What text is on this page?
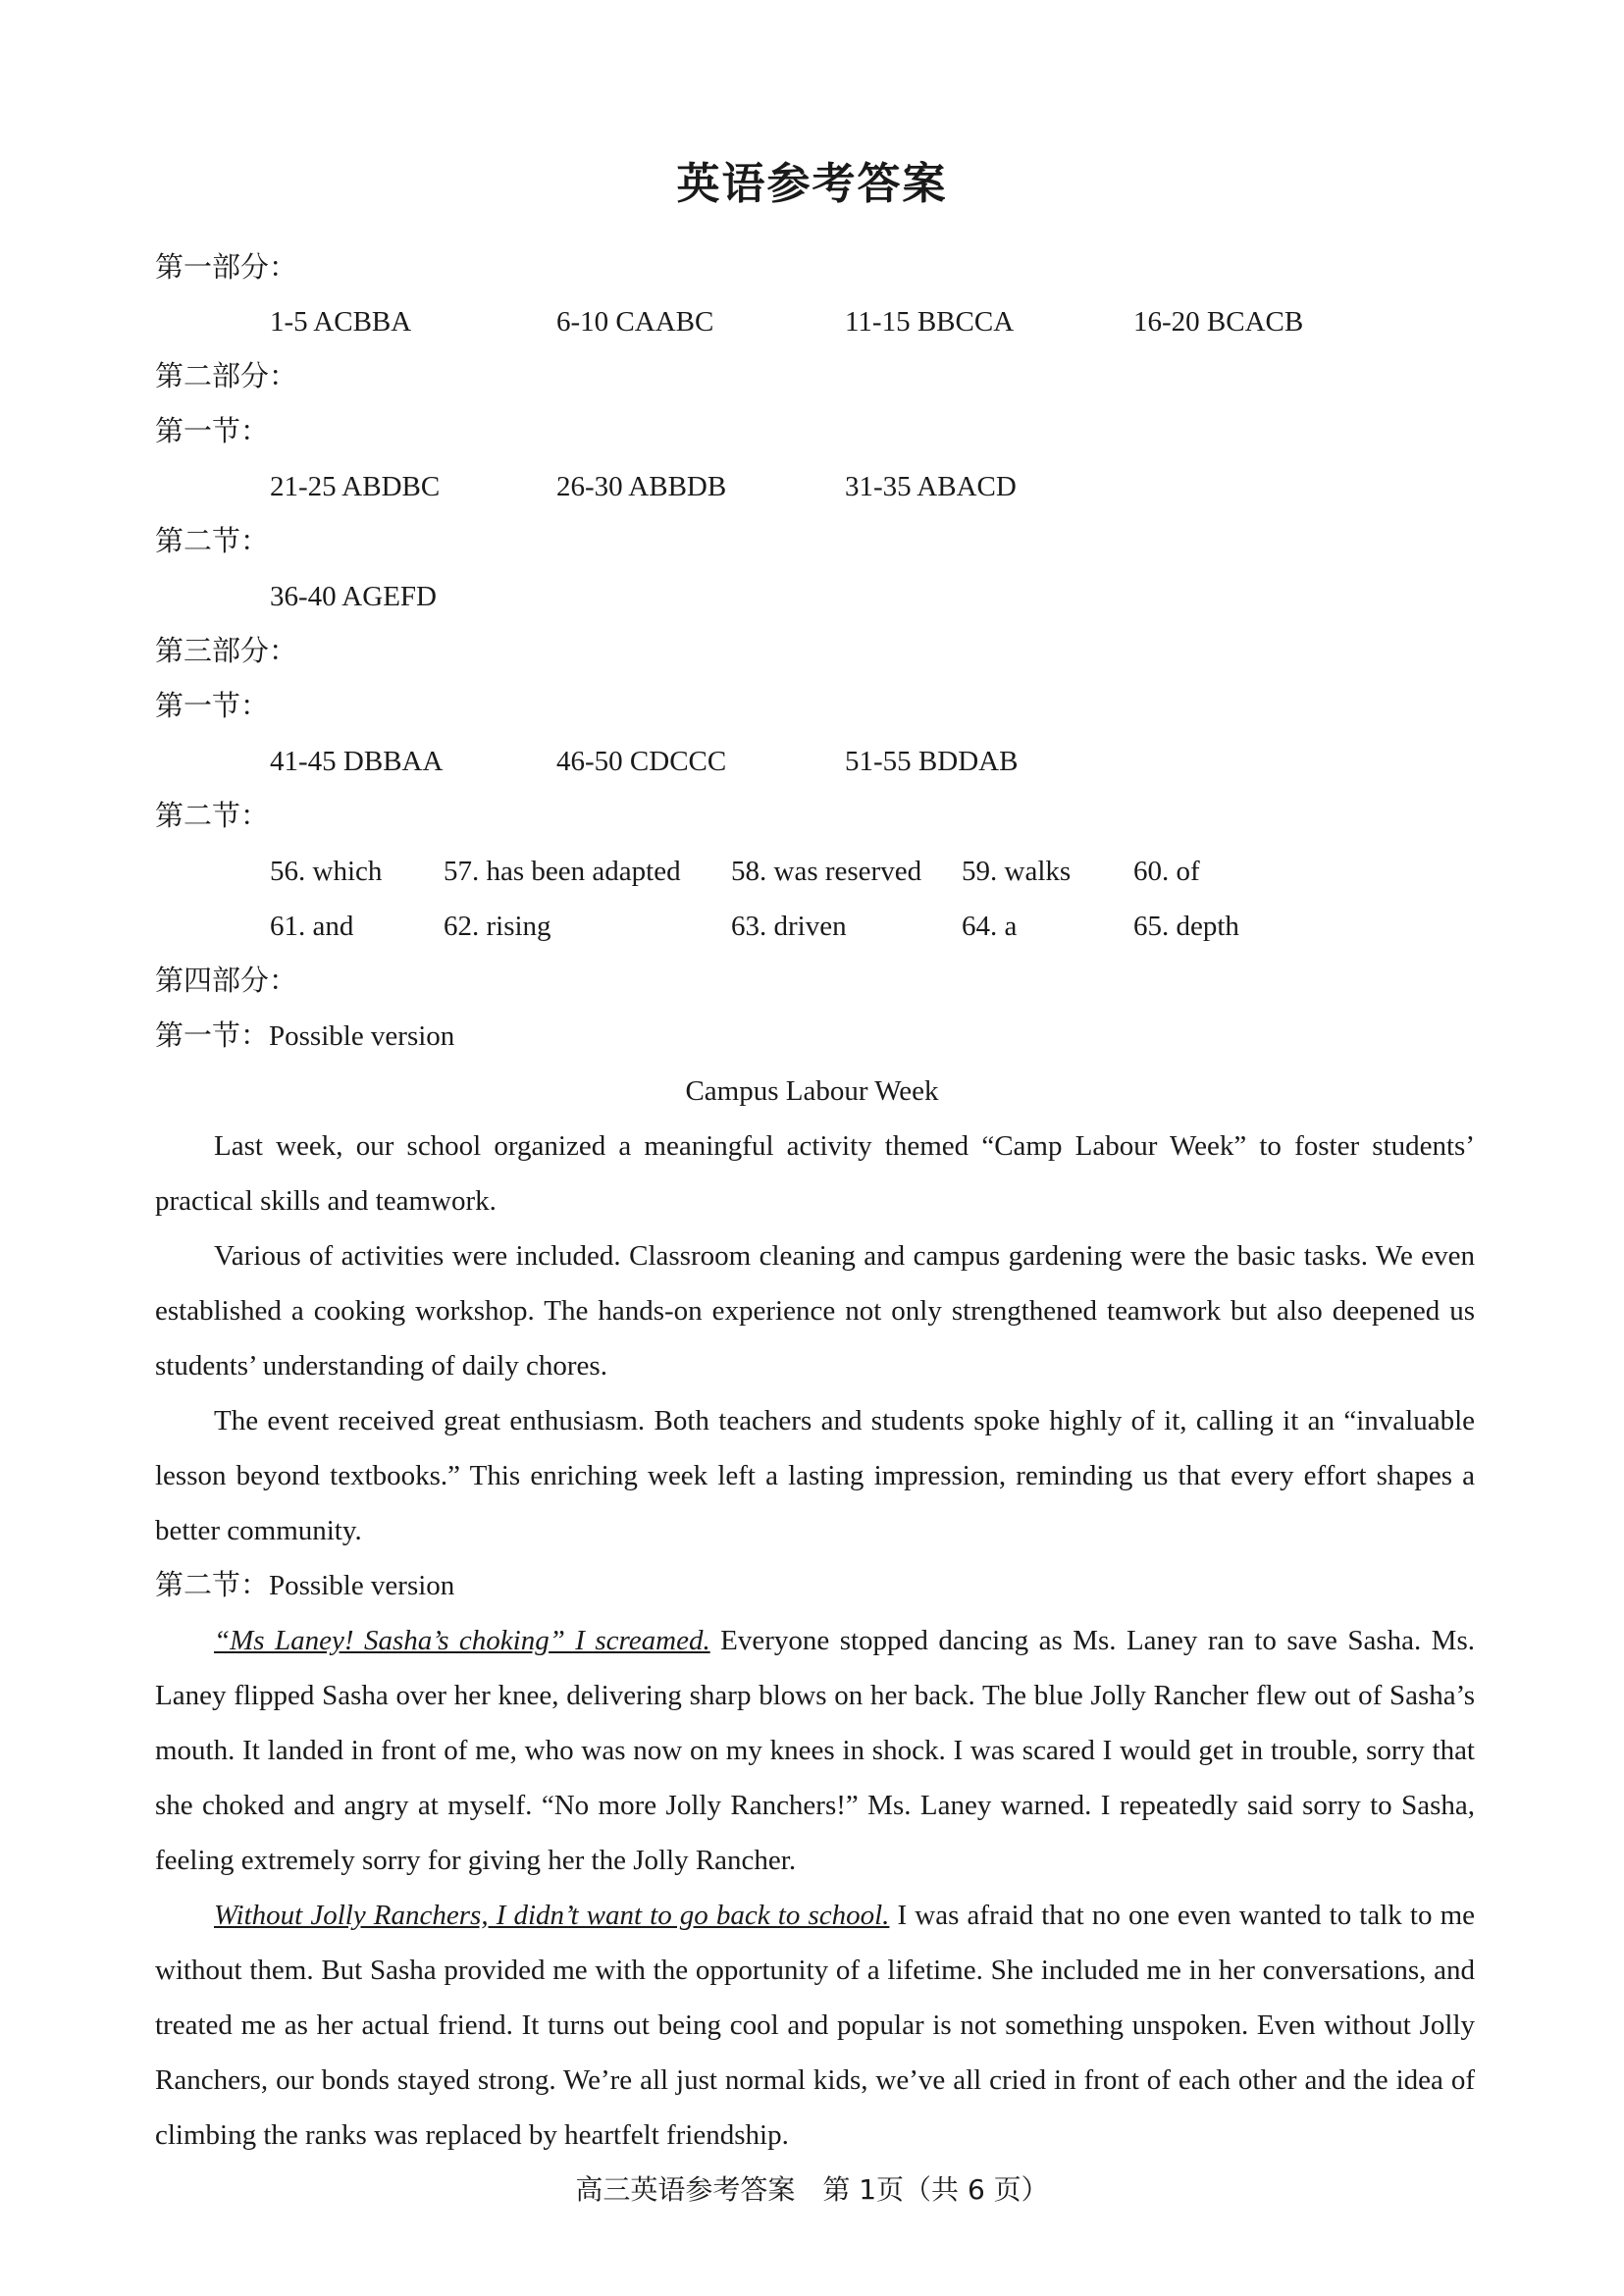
英语参考答案
第一部分：
1-5 ACBBA	6-10 CAABC	11-15 BBCCA	16-20 BCACB
第二部分：
第一节：
21-25 ABDBC	26-30 ABBDB	31-35 ABACD
第二节：
36-40 AGEFD
第三部分：
第一节：
41-45 DBBAA	46-50 CDCCC	51-55 BDDAB
第二节：
56. which 57. has been adapted 58. was reserved 59. walks 60. of
61. and	62. rising	63. driven	64. a	65. depth
第四部分：
第一节：Possible version
Campus Labour Week
Last week, our school organized a meaningful activity themed “Camp Labour Week” to foster students’ practical skills and teamwork.
Various of activities were included. Classroom cleaning and campus gardening were the basic tasks. We even established a cooking workshop. The hands-on experience not only strengthened teamwork but also deepened us students’ understanding of daily chores.
The event received great enthusiasm. Both teachers and students spoke highly of it, calling it an “invaluable lesson beyond textbooks.” This enriching week left a lasting impression, reminding us that every effort shapes a better community.
第二节：Possible version
“Ms Laney! Sasha’s choking” I screamed. Everyone stopped dancing as Ms. Laney ran to save Sasha. Ms. Laney flipped Sasha over her knee, delivering sharp blows on her back. The blue Jolly Rancher flew out of Sasha’s mouth. It landed in front of me, who was now on my knees in shock. I was scared I would get in trouble, sorry that she choked and angry at myself. “No more Jolly Ranchers!” Ms. Laney warned. I repeatedly said sorry to Sasha, feeling extremely sorry for giving her the Jolly Rancher.
Without Jolly Ranchers, I didn’t want to go back to school. I was afraid that no one even wanted to talk to me without them. But Sasha provided me with the opportunity of a lifetime. She included me in her conversations, and treated me as her actual friend. It turns out being cool and popular is not something unspoken. Even without Jolly Ranchers, our bonds stayed strong. We’re all just normal kids, we’ve all cried in front of each other and the idea of climbing the ranks was replaced by heartfelt friendship.
高三英语参考答案　第 1页（共 6 页）
